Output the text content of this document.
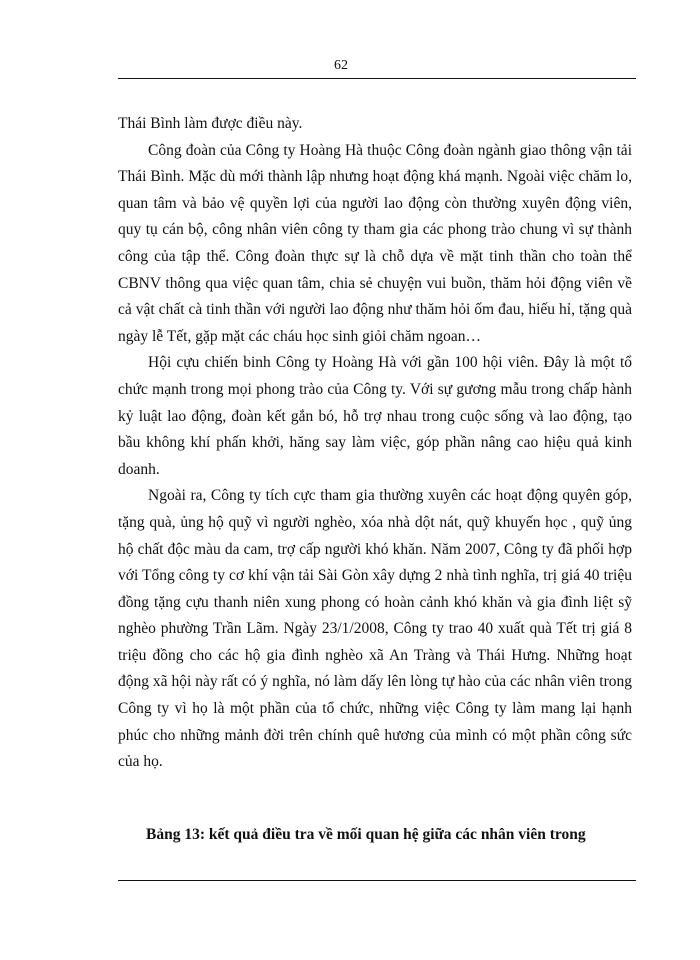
62

Thái Bình làm được điều này.

Công đoàn của Công ty Hoàng Hà thuộc Công đoàn ngành giao thông vận tải Thái Bình. Mặc dù mới thành lập nhưng hoạt động khá mạnh. Ngoài việc chăm lo, quan tâm và bảo vệ quyền lợi của người lao động còn thường xuyên động viên, quy tụ cán bộ, công nhân viên công ty tham gia các phong trào chung vì sự thành công của tập thể. Công đoàn thực sự là chỗ dựa về mặt tinh thần cho toàn thể CBNV thông qua việc quan tâm, chia sẻ chuyện vui buồn, thăm hỏi động viên về cả vật chất cà tinh thần với người lao động như thăm hỏi ốm đau, hiếu hỉ, tặng quà ngày lễ Tết, gặp mặt các cháu học sinh giỏi chăm ngoan…

Hội cựu chiến binh Công ty Hoàng Hà với gần 100 hội viên. Đây là một tổ chức mạnh trong mọi phong trào của Công ty. Với sự gương mẫu trong chấp hành kỷ luật lao động, đoàn kết gắn bó, hỗ trợ nhau trong cuộc sống và lao động, tạo bầu không khí phấn khởi, hăng say làm việc, góp phần nâng cao hiệu quả kinh doanh.

Ngoài ra, Công ty tích cực tham gia thường xuyên các hoạt động quyên góp, tặng quà, ủng hộ quỹ vì người nghèo, xóa nhà dột nát, quỹ khuyến học , quỹ ủng hộ chất độc màu da cam, trợ cấp người khó khăn. Năm 2007, Công ty đã phối hợp với Tổng công ty cơ khí vận tải Sài Gòn xây dựng 2 nhà tình nghĩa, trị giá 40 triệu đồng tặng cựu thanh niên xung phong có hoàn cảnh khó khăn và gia đình liệt sỹ nghèo phường Trần Lãm. Ngày 23/1/2008, Công ty trao 40 xuất quà Tết trị giá 8 triệu đồng cho các hộ gia đình nghèo xã An Tràng và Thái Hưng. Những hoạt động xã hội này rất có ý nghĩa, nó làm dấy lên lòng tự hào của các nhân viên trong Công ty vì họ là một phần của tổ chức, những việc Công ty làm mang lại hạnh phúc cho những mảnh đời trên chính quê hương của mình có một phần công sức của họ.

Bảng 13: kết quả điều tra về mối quan hệ giữa các nhân viên trong
